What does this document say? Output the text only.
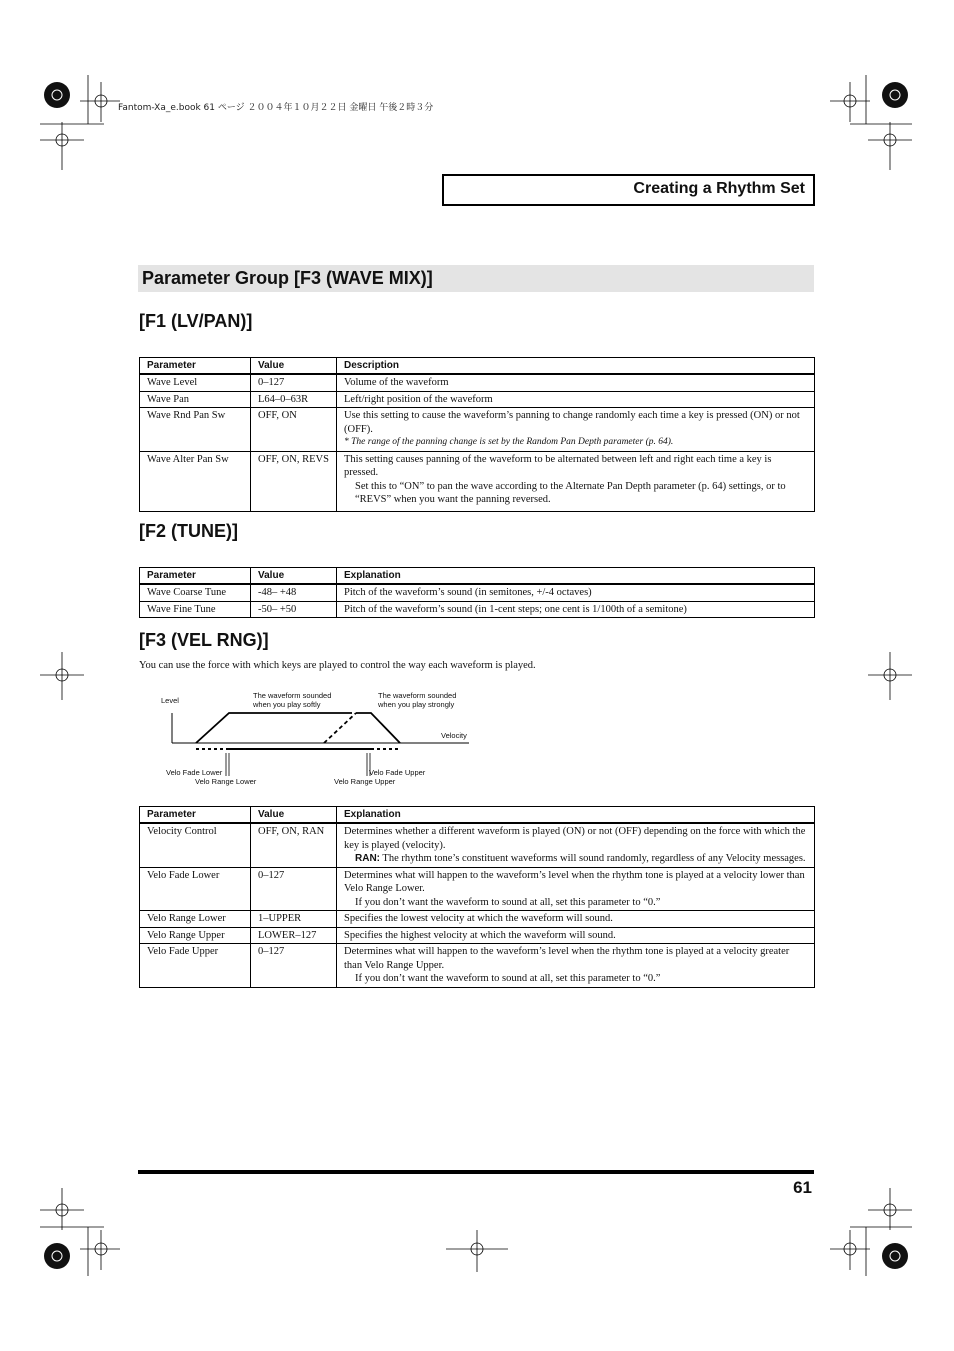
Fantom-Xa_e.book 61 ページ ２００４年１０月２２日 金曜日 午後２時３分
Creating a Rhythm Set
Parameter Group [F3 (WAVE MIX)]
[F1 (LV/PAN)]
Parameter	Value	Description
Wave Level	0–127	Volume of the waveform
Wave Pan	L64–0–63R	Left/right position of the waveform
Wave Rnd Pan Sw	OFF, ON	Use this setting to cause the waveform’s panning to change randomly each time a key is pressed (ON) or not (OFF).
* The range of the panning change is set by the Random Pan Depth parameter (p. 64).

Wave Alter Pan Sw	OFF, ON, REVS	This setting causes panning of the waveform to be alternated between left and right each time a key is pressed.
Set this to “ON” to pan the wave according to the Alternate Pan Depth parameter (p. 64) settings, or to “REVS” when you want the panning reversed.
[F2 (TUNE)]
Parameter	Value	Explanation
Wave Coarse Tune	-48– +48	Pitch of the waveform’s sound (in semitones, +/-4 octaves)
Wave Fine Tune	-50– +50	Pitch of the waveform’s sound (in 1-cent steps; one cent is 1/100th of a semitone)
[F3 (VEL RNG)]
You can use the force with which keys are played to control the way each waveform is played.
Level
The waveform sounded
when you play softly
The waveform sounded
when you play strongly
Velocity
Velo Fade Lower
Velo Range Lower
Velo Fade Upper
Velo Range Upper
Parameter	Value	Explanation
Velocity Control	OFF, ON, RAN	Determines whether a different waveform is played (ON) or not (OFF) depending on the force with which the key is played (velocity).
RAN: The rhythm tone’s constituent waveforms will sound randomly, regardless of any Velocity messages.

Velo Fade Lower	0–127	Determines what will happen to the waveform’s level when the rhythm tone is played at a velocity lower than Velo Range Lower.
If you don’t want the waveform to sound at all, set this parameter to “0.”

Velo Range Lower	1–UPPER	Specifies the lowest velocity at which the waveform will sound.
Velo Range Upper	LOWER–127	Specifies the highest velocity at which the waveform will sound.
Velo Fade Upper	0–127	Determines what will happen to the waveform’s level when the rhythm tone is played at a velocity greater than Velo Range Upper.
If you don’t want the waveform to sound at all, set this parameter to “0.”
61
